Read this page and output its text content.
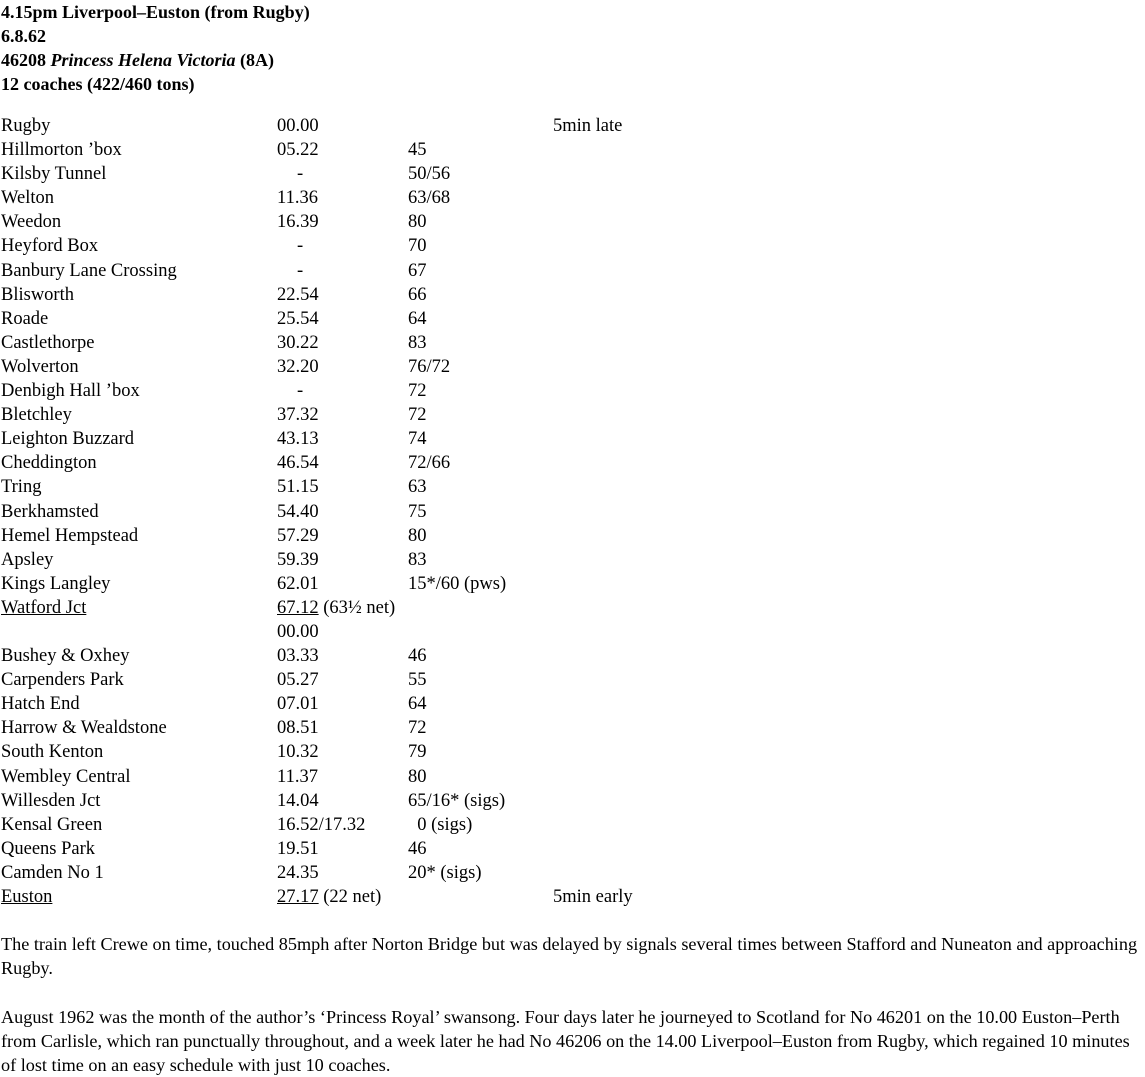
4.15pm Liverpool–Euston (from Rugby)
6.8.62
46208 Princess Helena Victoria (8A)
12 coaches (422/460 tons)
Rugby	00.00	5min late
Hillmorton ’box	05.22	45
Kilsby Tunnel	-	50/56
Welton	11.36	63/68
Weedon	16.39	80
Heyford Box	-	70
Banbury Lane Crossing	-	67
Blisworth	22.54	66
Roade	25.54	64
Castlethorpe	30.22	83
Wolverton	32.20	76/72
Denbigh Hall ’box	-	72
Bletchley	37.32	72
Leighton Buzzard	43.13	74
Cheddington	46.54	72/66
Tring	51.15	63
Berkhamsted	54.40	75
Hemel Hempstead	57.29	80
Apsley	59.39	83
Kings Langley	62.01	15*/60 (pws)
Watford Jct	67.12 (63½ net)
00.00
Bushey & Oxhey	03.33	46
Carpenders Park	05.27	55
Hatch End	07.01	64
Harrow & Wealdstone	08.51	72
South Kenton	10.32	79
Wembley Central	11.37	80
Willesden Jct	14.04	65/16* (sigs)
Kensal Green	16.52/17.32 0 (sigs)
Queens Park	19.51	46
Camden No 1	24.35	20* (sigs)
Euston	27.17 (22 net)	5min early
The train left Crewe on time, touched 85mph after Norton Bridge but was delayed by signals several times between Stafford and Nuneaton and approaching Rugby.
August 1962 was the month of the author’s ‘Princess Royal’ swansong. Four days later he journeyed to Scotland for No 46201 on the 10.00 Euston–Perth from Carlisle, which ran punctually throughout, and a week later he had No 46206 on the 14.00 Liverpool–Euston from Rugby, which regained 10 minutes of lost time on an easy schedule with just 10 coaches.
